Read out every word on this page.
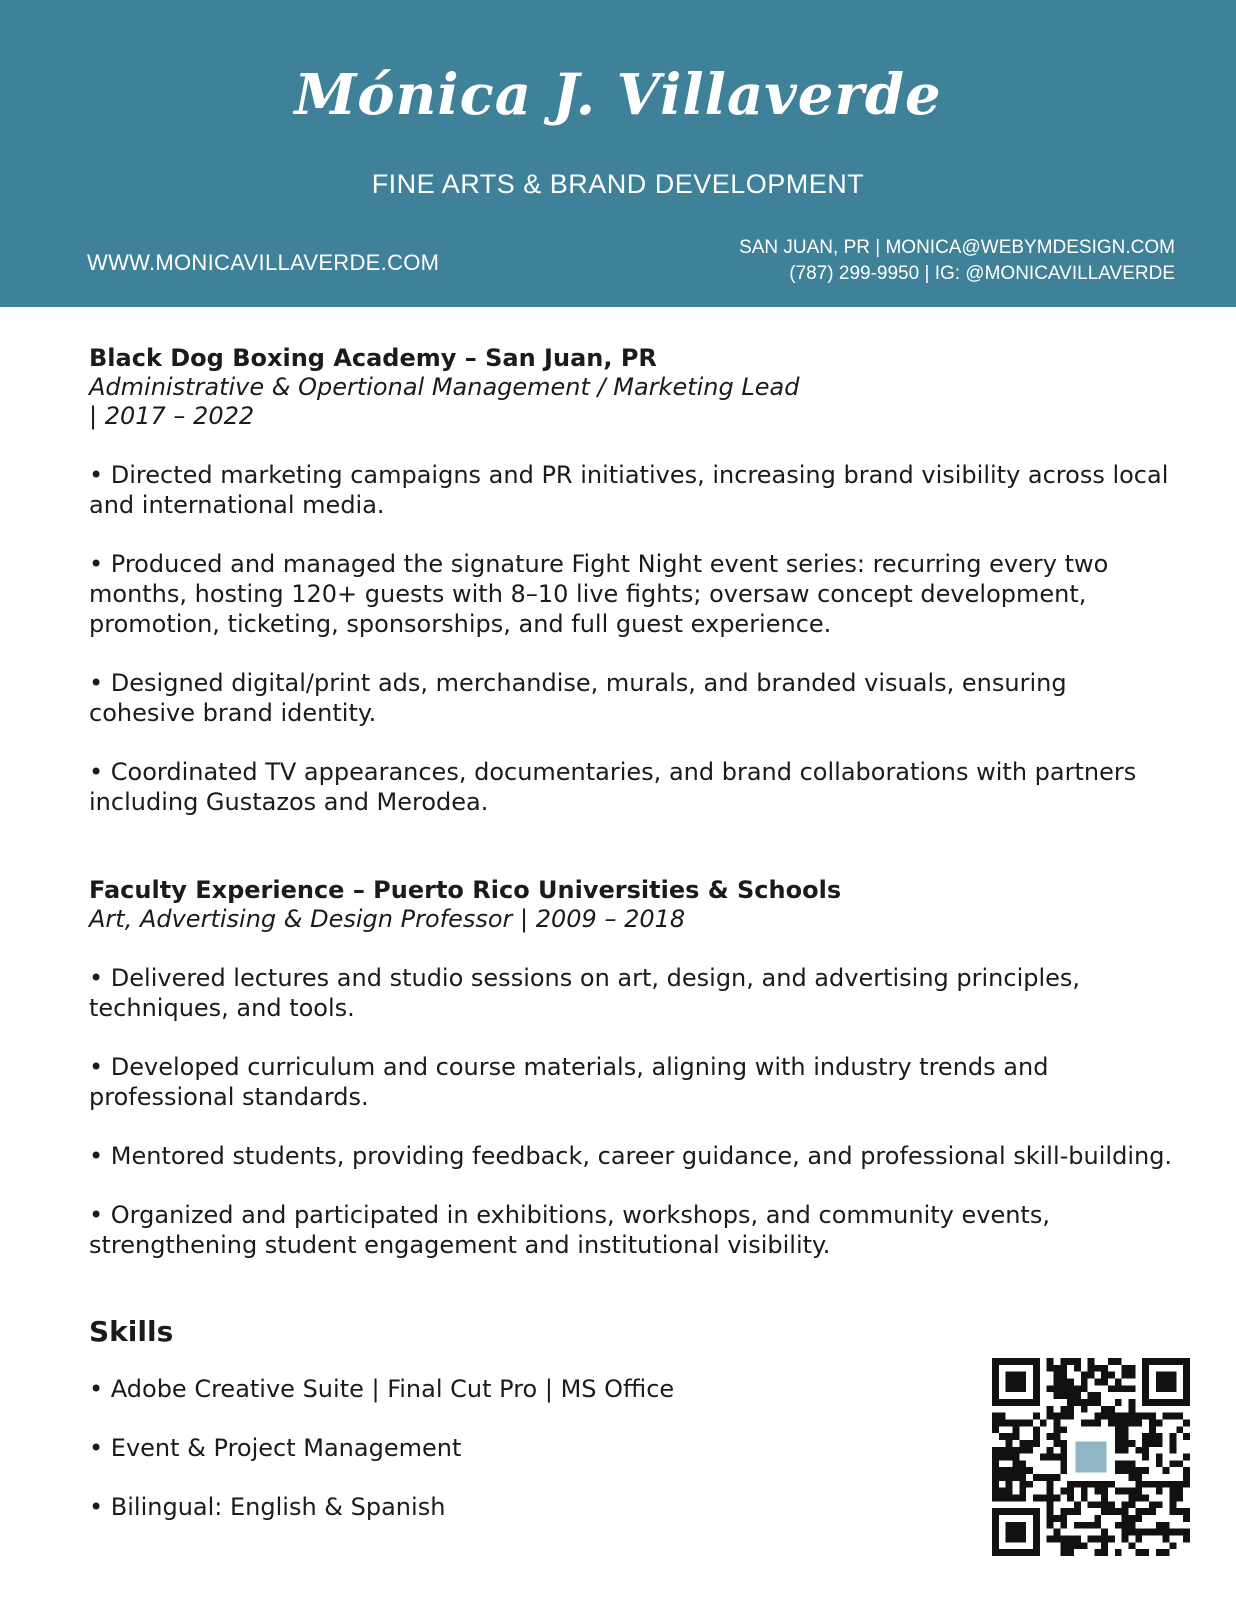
Mónica J. Villaverde
FINE ARTS & BRAND DEVELOPMENT
WWW.MONICAVILLAVERDE.COM
SAN JUAN, PR | MONICA@WEBYMDESIGN.COM
(787) 299-9950 | IG: @MONICAVILLAVERDE
Black Dog Boxing Academy – San Juan, PR
Administrative & Opertional Management / Marketing Lead
| 2017 – 2022
• Directed marketing campaigns and PR initiatives, increasing brand visibility across local and international media.
• Produced and managed the signature Fight Night event series: recurring every two months, hosting 120+ guests with 8–10 live fights; oversaw concept development, promotion, ticketing, sponsorships, and full guest experience.
• Designed digital/print ads, merchandise, murals, and branded visuals, ensuring cohesive brand identity.
• Coordinated TV appearances, documentaries, and brand collaborations with partners including Gustazos and Merodea.
Faculty Experience – Puerto Rico Universities & Schools
Art, Advertising & Design Professor | 2009 – 2018
• Delivered lectures and studio sessions on art, design, and advertising principles, techniques, and tools.
• Developed curriculum and course materials, aligning with industry trends and professional standards.
• Mentored students, providing feedback, career guidance, and professional skill-building.
• Organized and participated in exhibitions, workshops, and community events, strengthening student engagement and institutional visibility.
Skills
• Adobe Creative Suite | Final Cut Pro | MS Office
• Event & Project Management
• Bilingual: English & Spanish
